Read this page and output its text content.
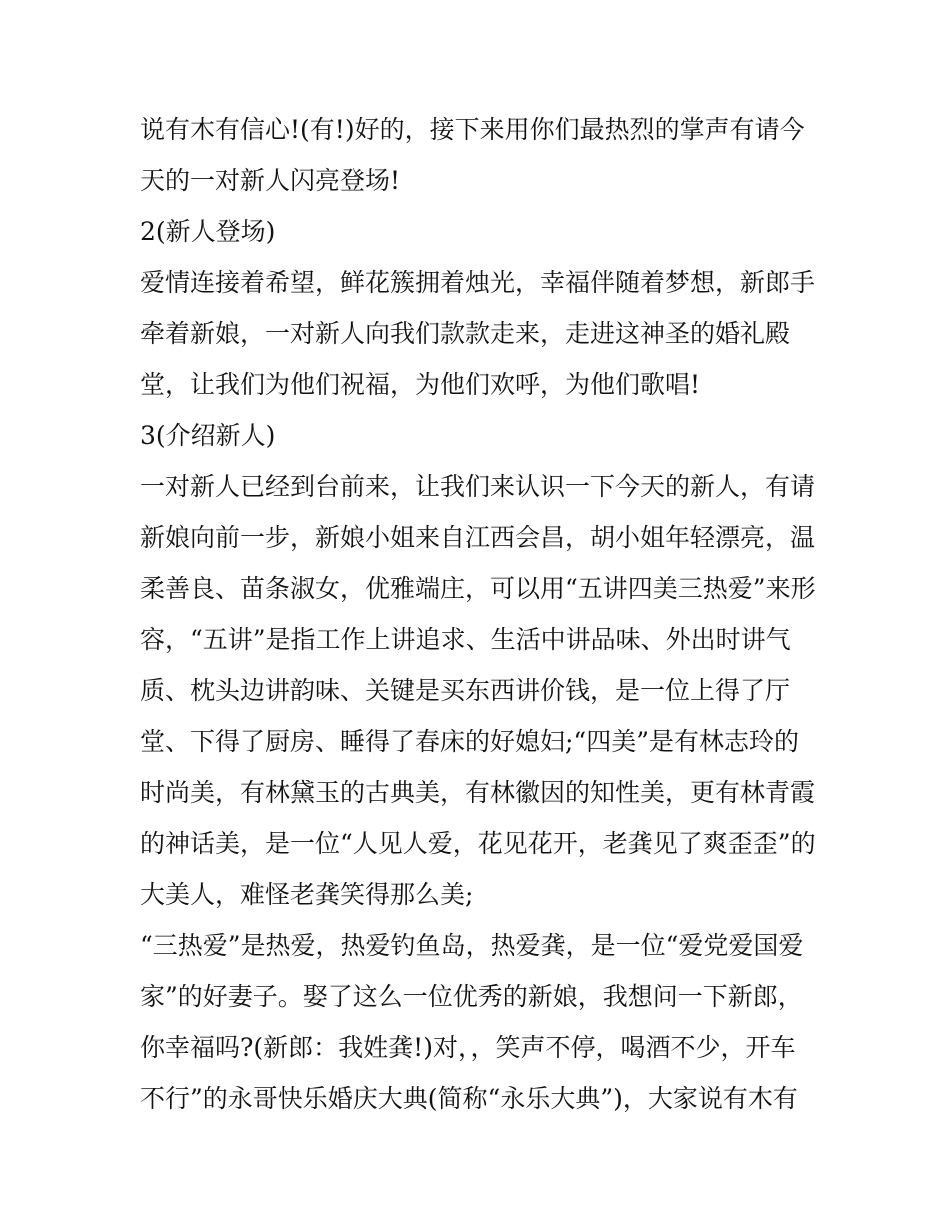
说有木有信心!(有!)好的，接下来用你们最热烈的掌声有请今
天的一对新人闪亮登场!
2(新人登场)
爱情连接着希望，鲜花簇拥着烛光，幸福伴随着梦想，新郎手
牵着新娘，一对新人向我们款款走来，走进这神圣的婚礼殿
堂，让我们为他们祝福，为他们欢呼，为他们歌唱!
3(介绍新人)
一对新人已经到台前来，让我们来认识一下今天的新人，有请
新娘向前一步，新娘小姐来自江西会昌，胡小姐年轻漂亮，温
柔善良、苗条淑女，优雅端庄，可以用“五讲四美三热爱”来形
容，“五讲”是指工作上讲追求、生活中讲品味、外出时讲气
质、枕头边讲韵味、关键是买东西讲价钱，是一位上得了厅
堂、下得了厨房、睡得了春床的好媳妇;“四美”是有林志玲的
时尚美，有林黛玉的古典美，有林徽因的知性美，更有林青霞
的神话美，是一位“人见人爱，花见花开，老龚见了爽歪歪”的
大美人，难怪老龚笑得那么美;
“三热爱”是热爱，热爱钓鱼岛，热爱龚，是一位“爱党爱国爱
家”的好妻子。娶了这么一位优秀的新娘，我想问一下新郎，
你幸福吗?(新郎：我姓龚!)对，，笑声不停，喝酒不少，开车
不行”的永哥快乐婚庆大典(简称“永乐大典”)，大家说有木有
